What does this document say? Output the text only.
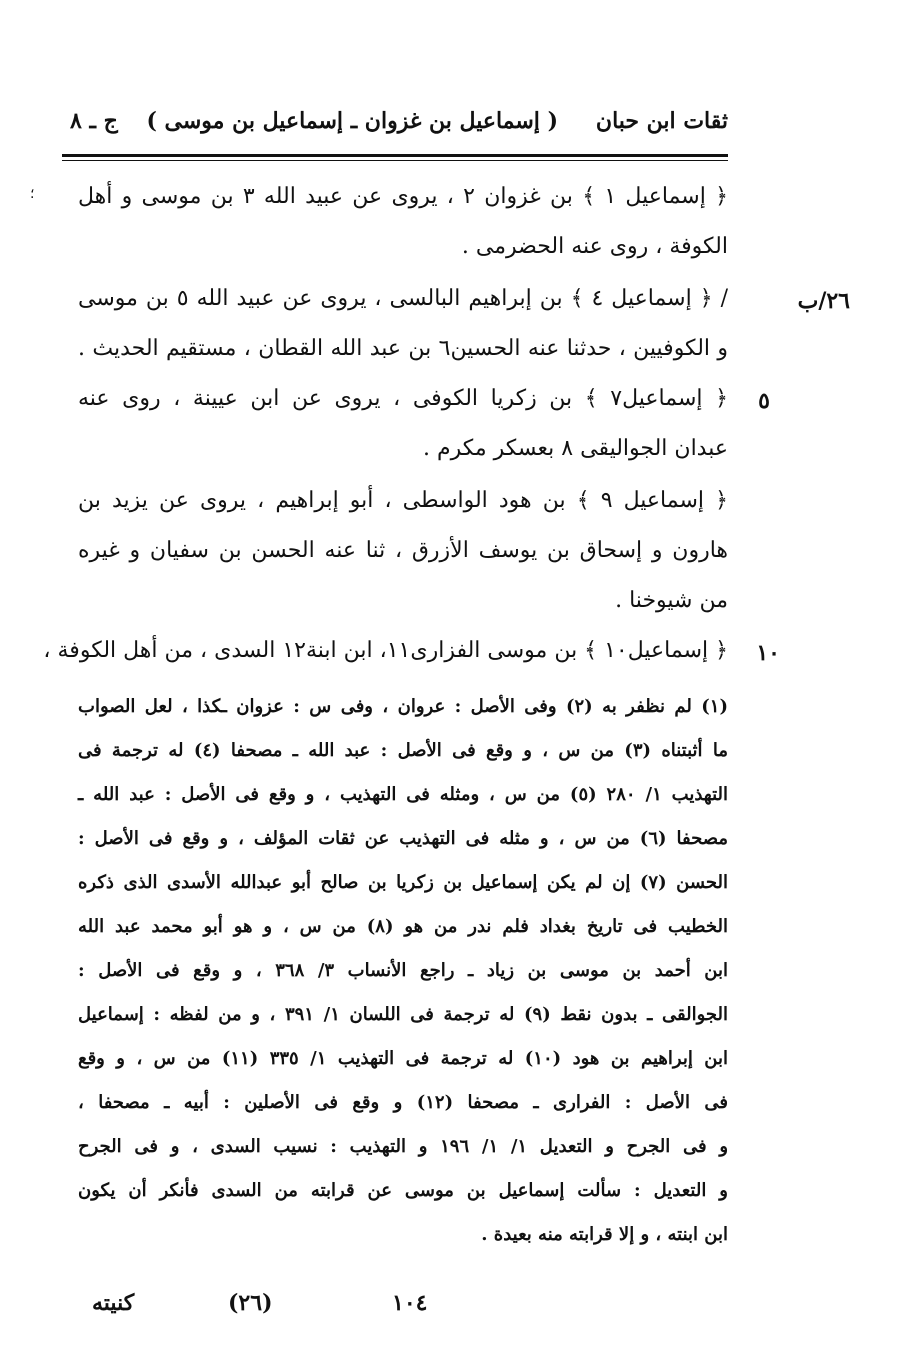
ثقات ابن حبان
( إسماعيل بن غزوان ـ إسماعيل بن موسى )
ج ـ ٨
؛ ﴿ إسماعيل ١ ﴾ بن غزوان ٢ ، يروى عن عبيد الله ٣ بن موسى و أهل
الكوفة ، روى عنه الحضرمى .
٢٦/ب
/ ﴿ إسماعيل ٤ ﴾ بن إبراهيم البالسى ، يروى عن عبيد الله ٥ بن موسى
و الكوفيين ، حدثنا عنه الحسين٦ بن عبد الله القطان ، مستقيم الحديث .
٥
﴿ إسماعيل٧ ﴾ بن زكريا الكوفى ، يروى عن ابن عيينة ، روى عنه
عبدان الجواليقى ٨ بعسكر مكرم .
﴿ إسماعيل ٩ ﴾ بن هود الواسطى ، أبو إبراهيم ، يروى عن يزيد بن
هارون و إسحاق بن يوسف الأزرق ، ثنا عنه الحسن بن سفيان و غيره
من شيوخنا .
١٠
﴿ إسماعيل١٠ ﴾ بن موسى الفزارى١١، ابن ابنة١٢ السدى ، من أهل الكوفة ،
(١) لم نظفر به (٢) وفى الأصل : عروان ، وفى س : عزوان ـكذا ، لعل الصواب
ما أثبتناه (٣) من س ، و وقع فى الأصل : عبد الله ـ مصحفا (٤) له ترجمة فى
التهذيب ١/ ٢٨٠ (٥) من س ، ومثله فى التهذيب ، و وقع فى الأصل : عبد الله ـ
مصحفا (٦) من س ، و مثله فى التهذيب عن ثقات المؤلف ، و وقع فى الأصل :
الحسن (٧) إن لم يكن إسماعيل بن زكريا بن صالح أبو عبدالله الأسدى الذى ذكره
الخطيب فى تاريخ بغداد فلم ندر من هو (٨) من س ، و هو أبو محمد عبد الله
ابن أحمد بن موسى بن زياد ـ راجع الأنساب ٣/ ٣٦٨ ، و وقع فى الأصل :
الجوالقى ـ بدون نقط (٩) له ترجمة فى اللسان ١/ ٣٩١ ، و من لفظه : إسماعيل
ابن إبراهيم بن هود (١٠) له ترجمة فى التهذيب ١/ ٣٣٥ (١١) من س ، و وقع
فى الأصل : الفرارى ـ مصحفا (١٢) و وقع فى الأصلين : أبيه ـ مصحفا ،
و فى الجرح و التعديل ١/ ١/ ١٩٦ و التهذيب : نسيب السدى ، و فى الجرح
و التعديل : سألت إسماعيل بن موسى عن قرابته من السدى فأنكر أن يكون
ابن ابنته ، و إلا قرابته منه بعيدة .
كنيته	(٢٦)	١٠٤
